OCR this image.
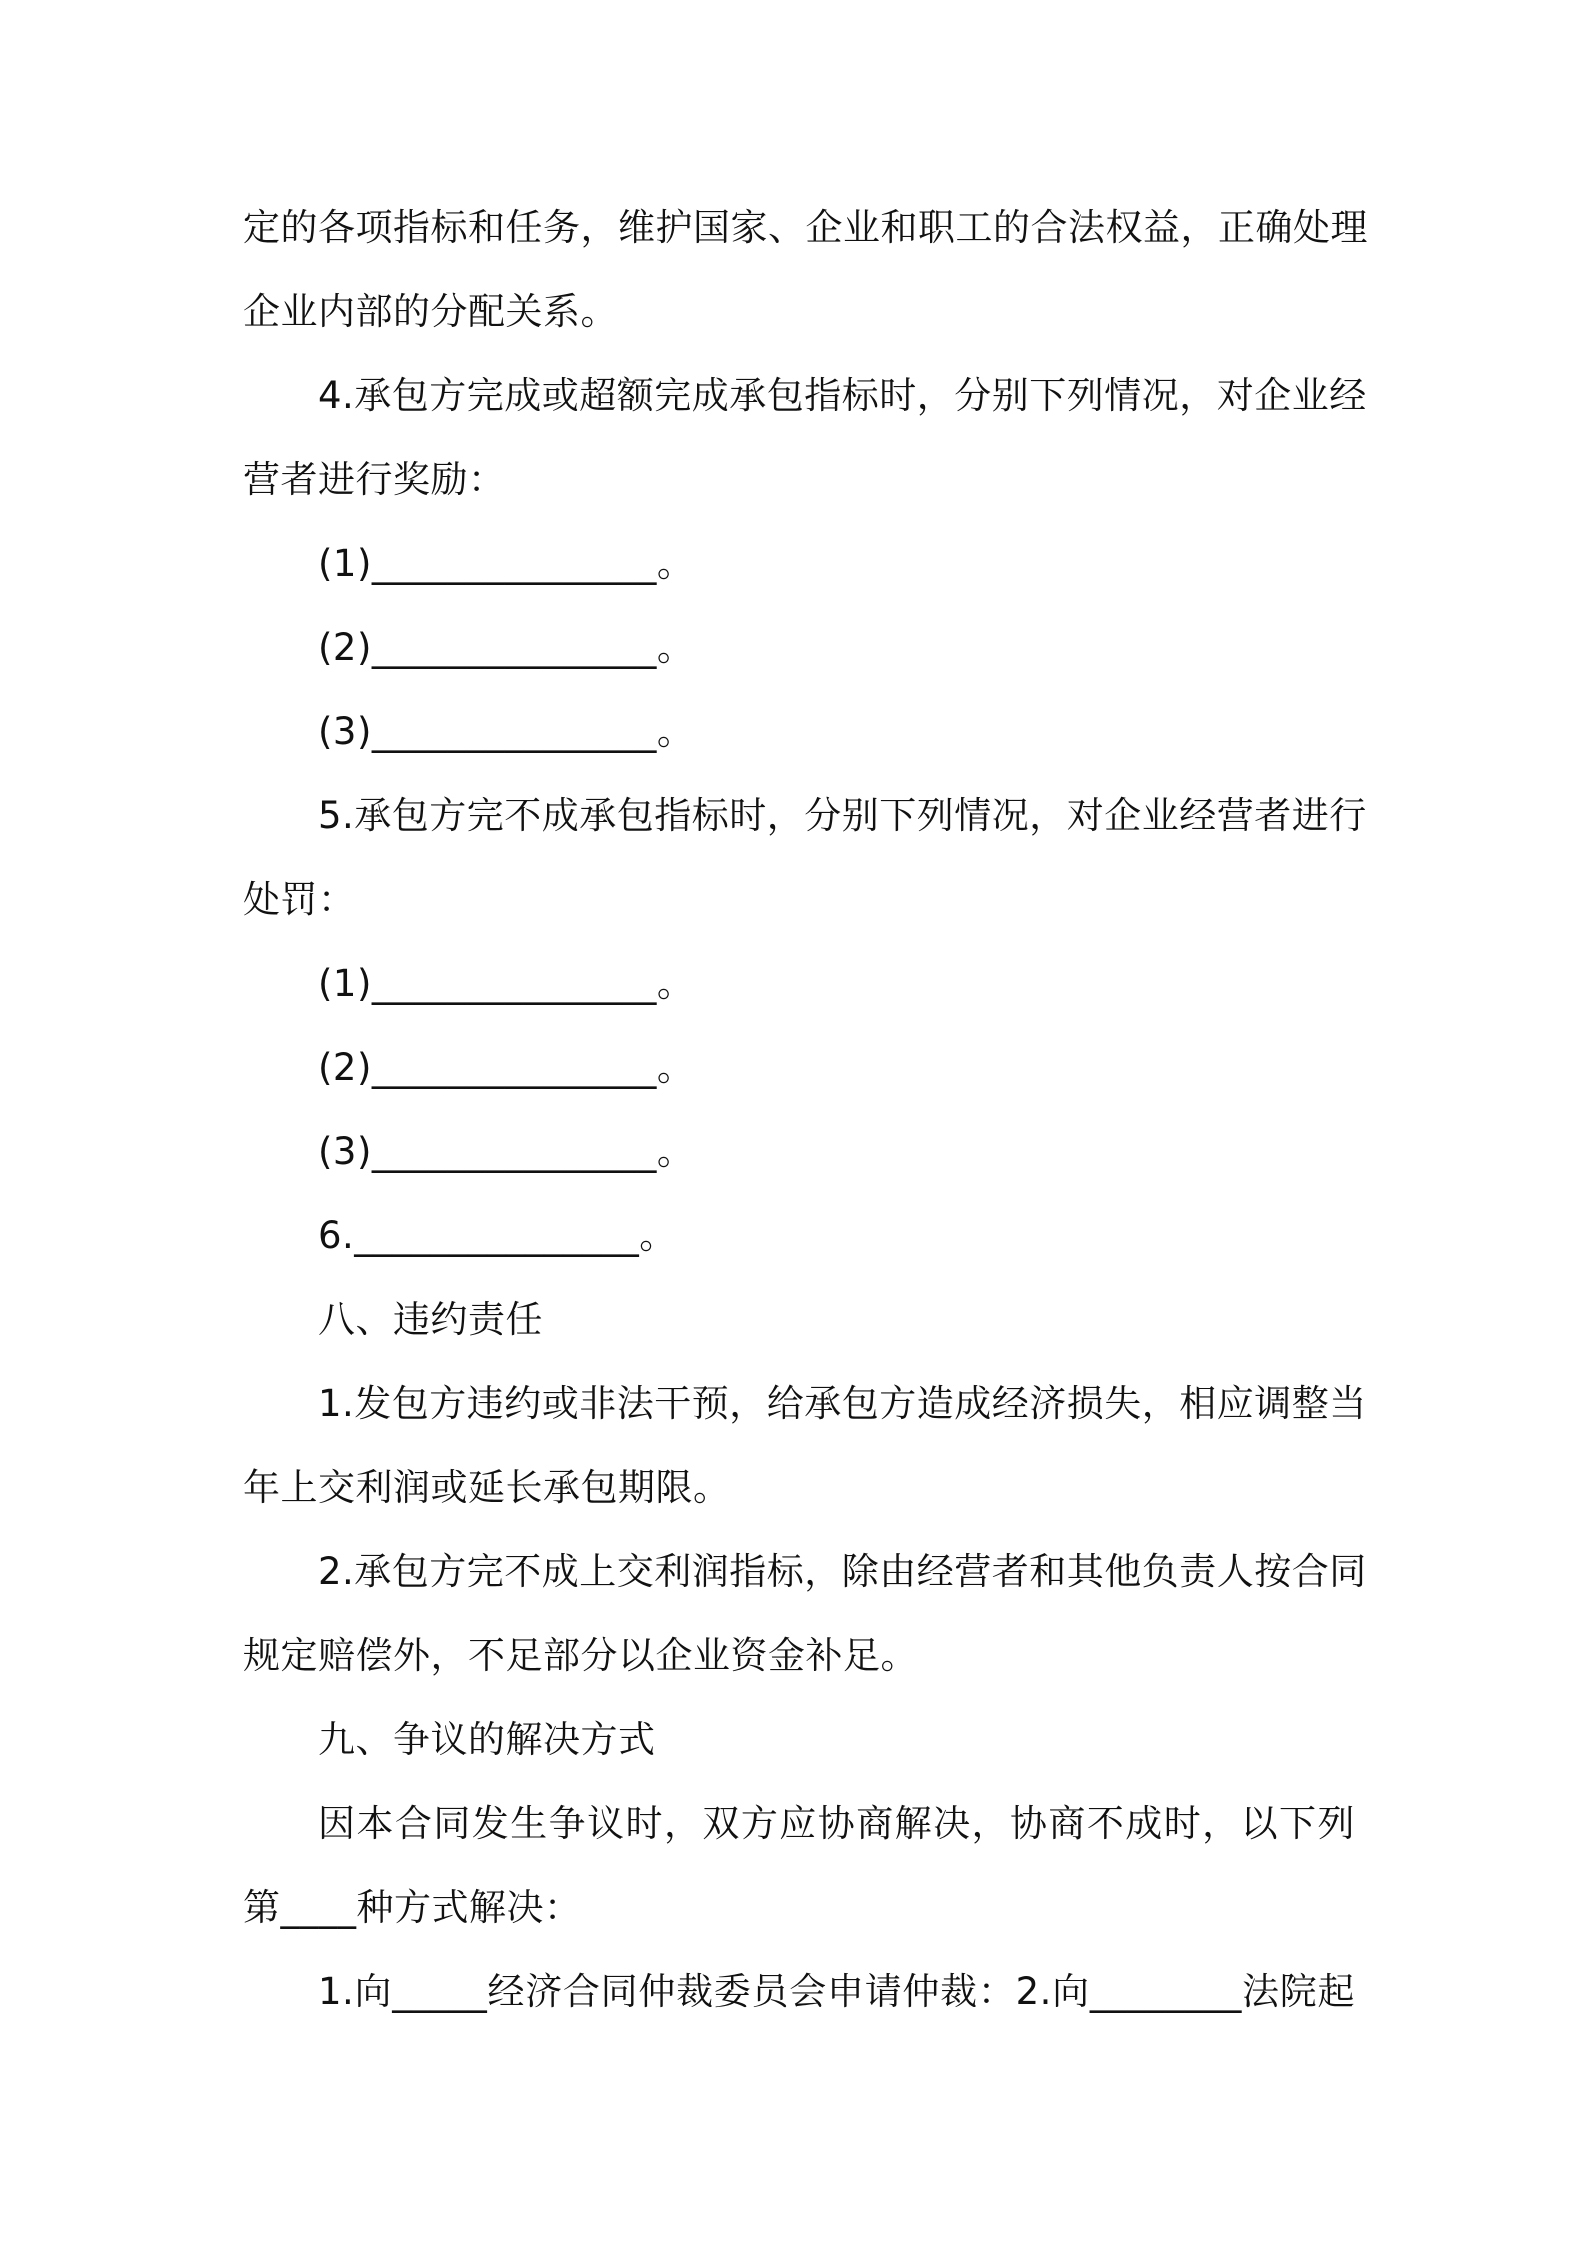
定的各项指标和任务，维护国家、企业和职工的合法权益，正确处理
企业内部的分配关系。
4.承包方完成或超额完成承包指标时，分别下列情况，对企业经
营者进行奖励：
(1)_______________。
(2)_______________。
(3)_______________。
5.承包方完不成承包指标时，分别下列情况，对企业经营者进行
处罚：
(1)_______________。
(2)_______________。
(3)_______________。
6._______________。
八、违约责任
1.发包方违约或非法干预，给承包方造成经济损失，相应调整当
年上交利润或延长承包期限。
2.承包方完不成上交利润指标，除由经营者和其他负责人按合同
规定赔偿外，不足部分以企业资金补足。
九、争议的解决方式
因本合同发生争议时，双方应协商解决，协商不成时，以下列
第____种方式解决：
1.向_____经济合同仲裁委员会申请仲裁：2.向________法院起
